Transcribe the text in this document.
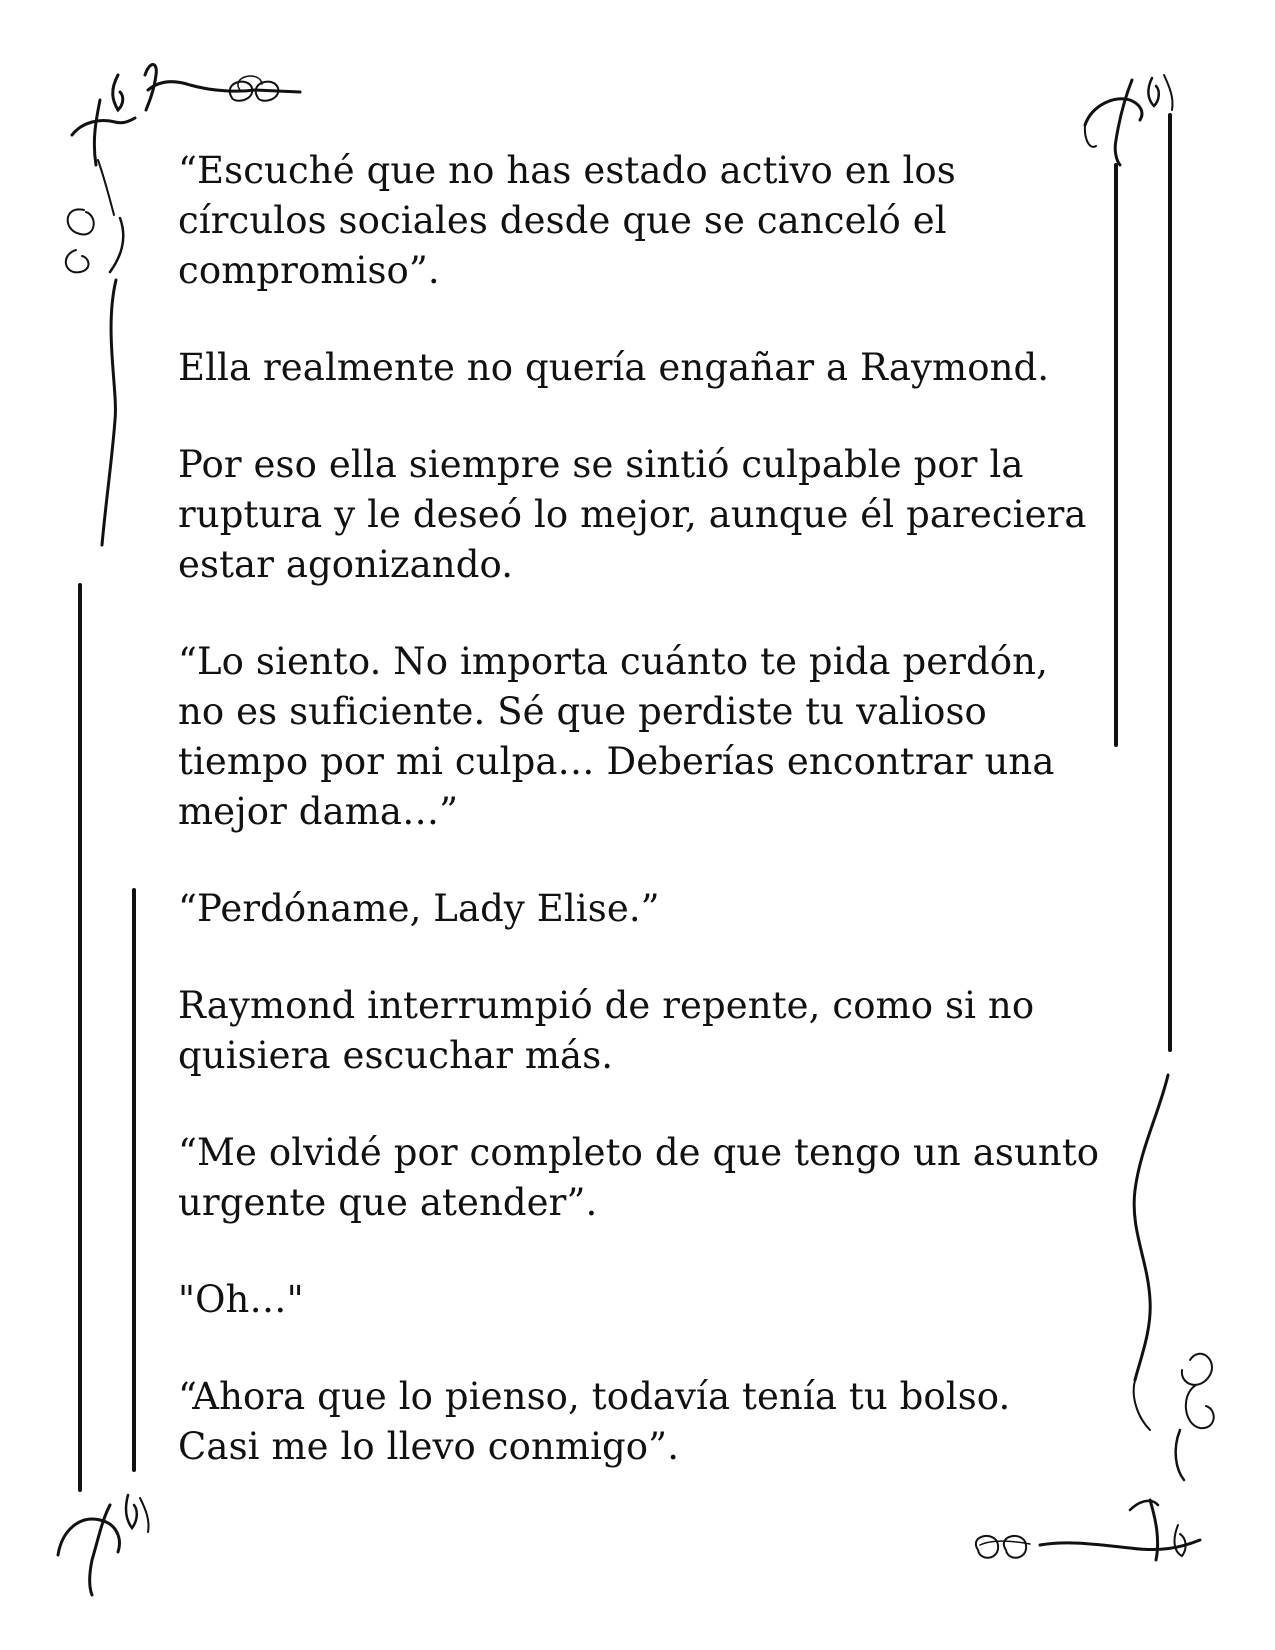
“Escuché que no has estado activo en los
círculos sociales desde que se canceló el
compromiso”.

Ella realmente no quería engañar a Raymond.

Por eso ella siempre se sintió culpable por la
ruptura y le deseó lo mejor, aunque él pareciera
estar agonizando.

“Lo siento. No importa cuánto te pida perdón,
no es suficiente. Sé que perdiste tu valioso
tiempo por mi culpa… Deberías encontrar una
mejor dama…”

“Perdóname, Lady Elise.”

Raymond interrumpió de repente, como si no
quisiera escuchar más.

“Me olvidé por completo de que tengo un asunto
urgente que atender”.

"Oh…"

“Ahora que lo pienso, todavía tenía tu bolso.
Casi me lo llevo conmigo”.
